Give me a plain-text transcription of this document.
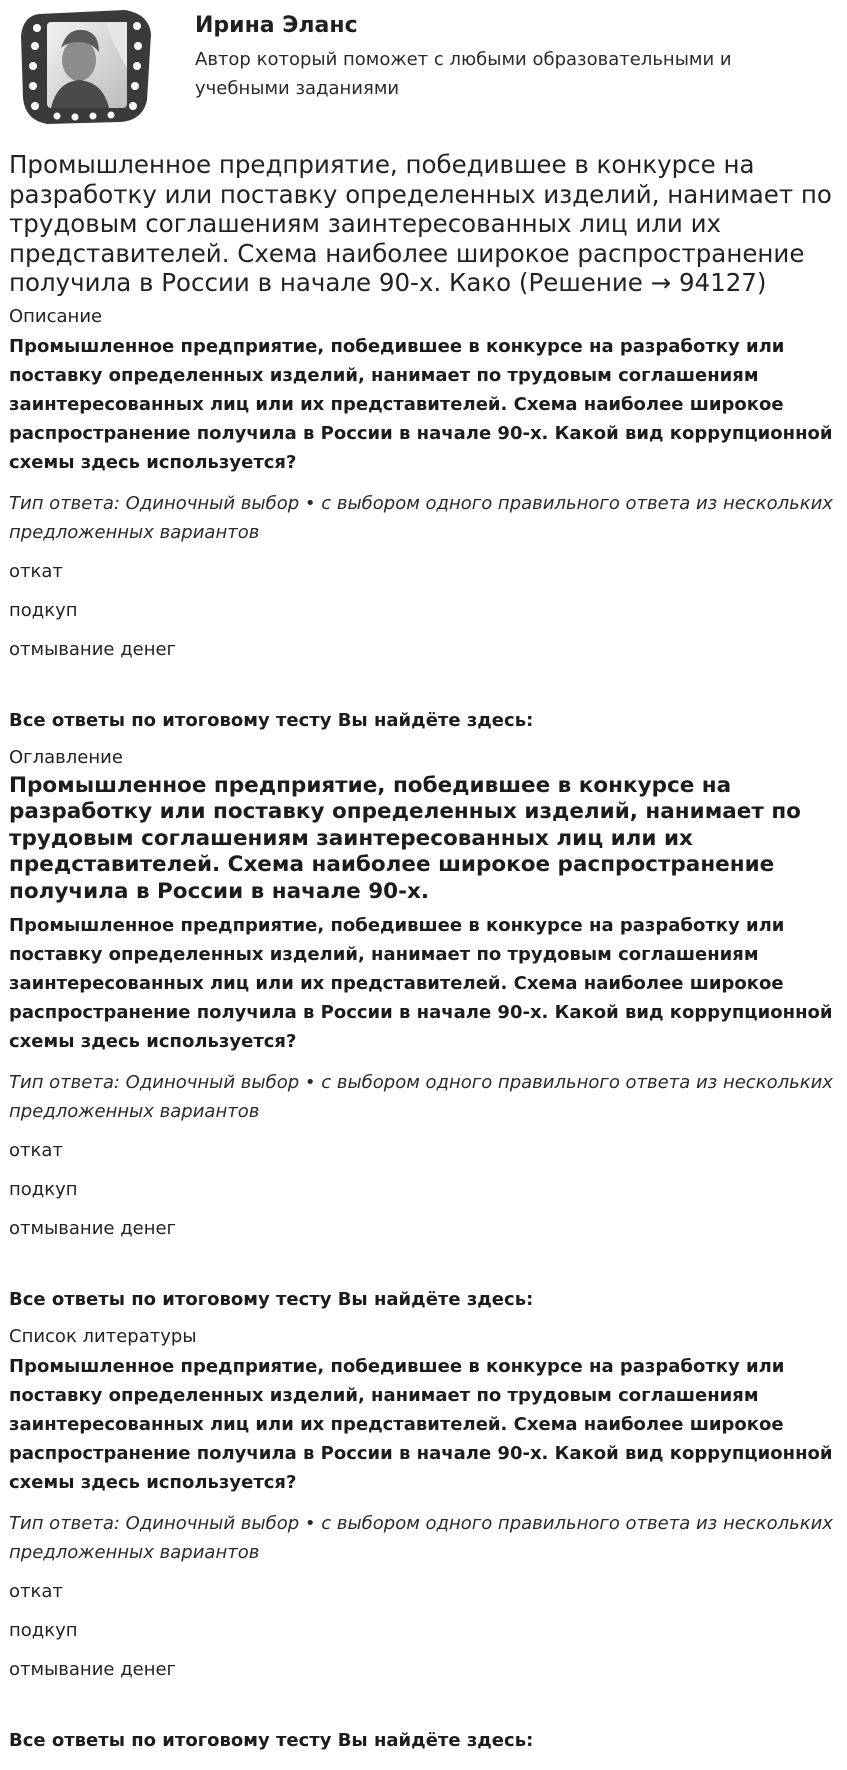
Ирина Эланс

Автор который поможет с любыми образовательными и учебными заданиями

Промышленное предприятие, победившее в конкурсе на разработку или поставку определенных изделий, нанимает по трудовым соглашениям заинтересованных лиц или их представителей. Схема наиболее широкое распространение получила в России в начале 90-х. Како (Решение → 94127)

Описание

Промышленное предприятие, победившее в конкурсе на разработку или поставку определенных изделий, нанимает по трудовым соглашениям заинтересованных лиц или их представителей. Схема наиболее широкое распространение получила в России в начале 90-х. Какой вид коррупционной схемы здесь используется?

Тип ответа: Одиночный выбор • с выбором одного правильного ответа из нескольких предложенных вариантов

откат
подкуп
отмывание денег

Все ответы по итоговому тесту Вы найдёте здесь:

Оглавление

Промышленное предприятие, победившее в конкурсе на разработку или поставку определенных изделий, нанимает по трудовым соглашениям заинтересованных лиц или их представителей. Схема наиболее широкое распространение получила в России в начале 90-х.

Промышленное предприятие, победившее в конкурсе на разработку или поставку определенных изделий, нанимает по трудовым соглашениям заинтересованных лиц или их представителей. Схема наиболее широкое распространение получила в России в начале 90-х. Какой вид коррупционной схемы здесь используется?

Тип ответа: Одиночный выбор • с выбором одного правильного ответа из нескольких предложенных вариантов

откат
подкуп
отмывание денег

Все ответы по итоговому тесту Вы найдёте здесь:

Список литературы

Промышленное предприятие, победившее в конкурсе на разработку или поставку определенных изделий, нанимает по трудовым соглашениям заинтересованных лиц или их представителей. Схема наиболее широкое распространение получила в России в начале 90-х. Какой вид коррупционной схемы здесь используется?

Тип ответа: Одиночный выбор • с выбором одного правильного ответа из нескольких предложенных вариантов

откат
подкуп
отмывание денег

Все ответы по итоговому тесту Вы найдёте здесь:
